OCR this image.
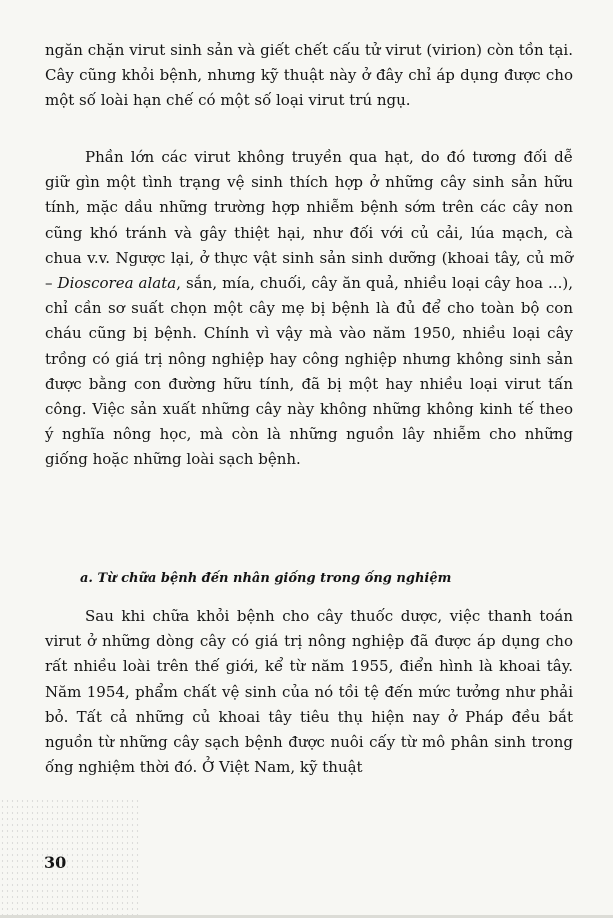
ngăn chặn virut sinh sản và giết chết cấu tử virut (virion) còn tồn tại. Cây cũng khỏi bệnh, nhưng kỹ thuật này ở đây chỉ áp dụng được cho một số loài hạn chế có một số loại virut trú ngụ.

Phần lớn các virut không truyền qua hạt, do đó tương đối dễ giữ gìn một tình trạng vệ sinh thích hợp ở những cây sinh sản hữu tính, mặc dầu những trường hợp nhiễm bệnh sớm trên các cây non cũng khó tránh và gây thiệt hại, như đối với củ cải, lúa mạch, cà chua v.v. Ngược lại, ở thực vật sinh sản sinh dưỡng (khoai tây, củ mỡ – Dioscorea alata, sắn, mía, chuối, cây ăn quả, nhiều loại cây hoa ...), chỉ cần sơ suất chọn một cây mẹ bị bệnh là đủ để cho toàn bộ con cháu cũng bị bệnh. Chính vì vậy mà vào năm 1950, nhiều loại cây trồng có giá trị nông nghiệp hay công nghiệp nhưng không sinh sản được bằng con đường hữu tính, đã bị một hay nhiều loại virut tấn công. Việc sản xuất những cây này không những không kinh tế theo ý nghĩa nông học, mà còn là những nguồn lây nhiễm cho những giống hoặc những loài sạch bệnh.

a. Từ chữa bệnh đến nhân giống trong ống nghiệm

Sau khi chữa khỏi bệnh cho cây thuốc dược, việc thanh toán virut ở những dòng cây có giá trị nông nghiệp đã được áp dụng cho rất nhiều loài trên thế giới, kể từ năm 1955, điển hình là khoai tây. Năm 1954, phẩm chất vệ sinh của nó tồi tệ đến mức tưởng như phải bỏ. Tất cả những củ khoai tây tiêu thụ hiện nay ở Pháp đều bắt nguồn từ những cây sạch bệnh được nuôi cấy từ mô phân sinh trong ống nghiệm thời đó. Ở Việt Nam, kỹ thuật

30
